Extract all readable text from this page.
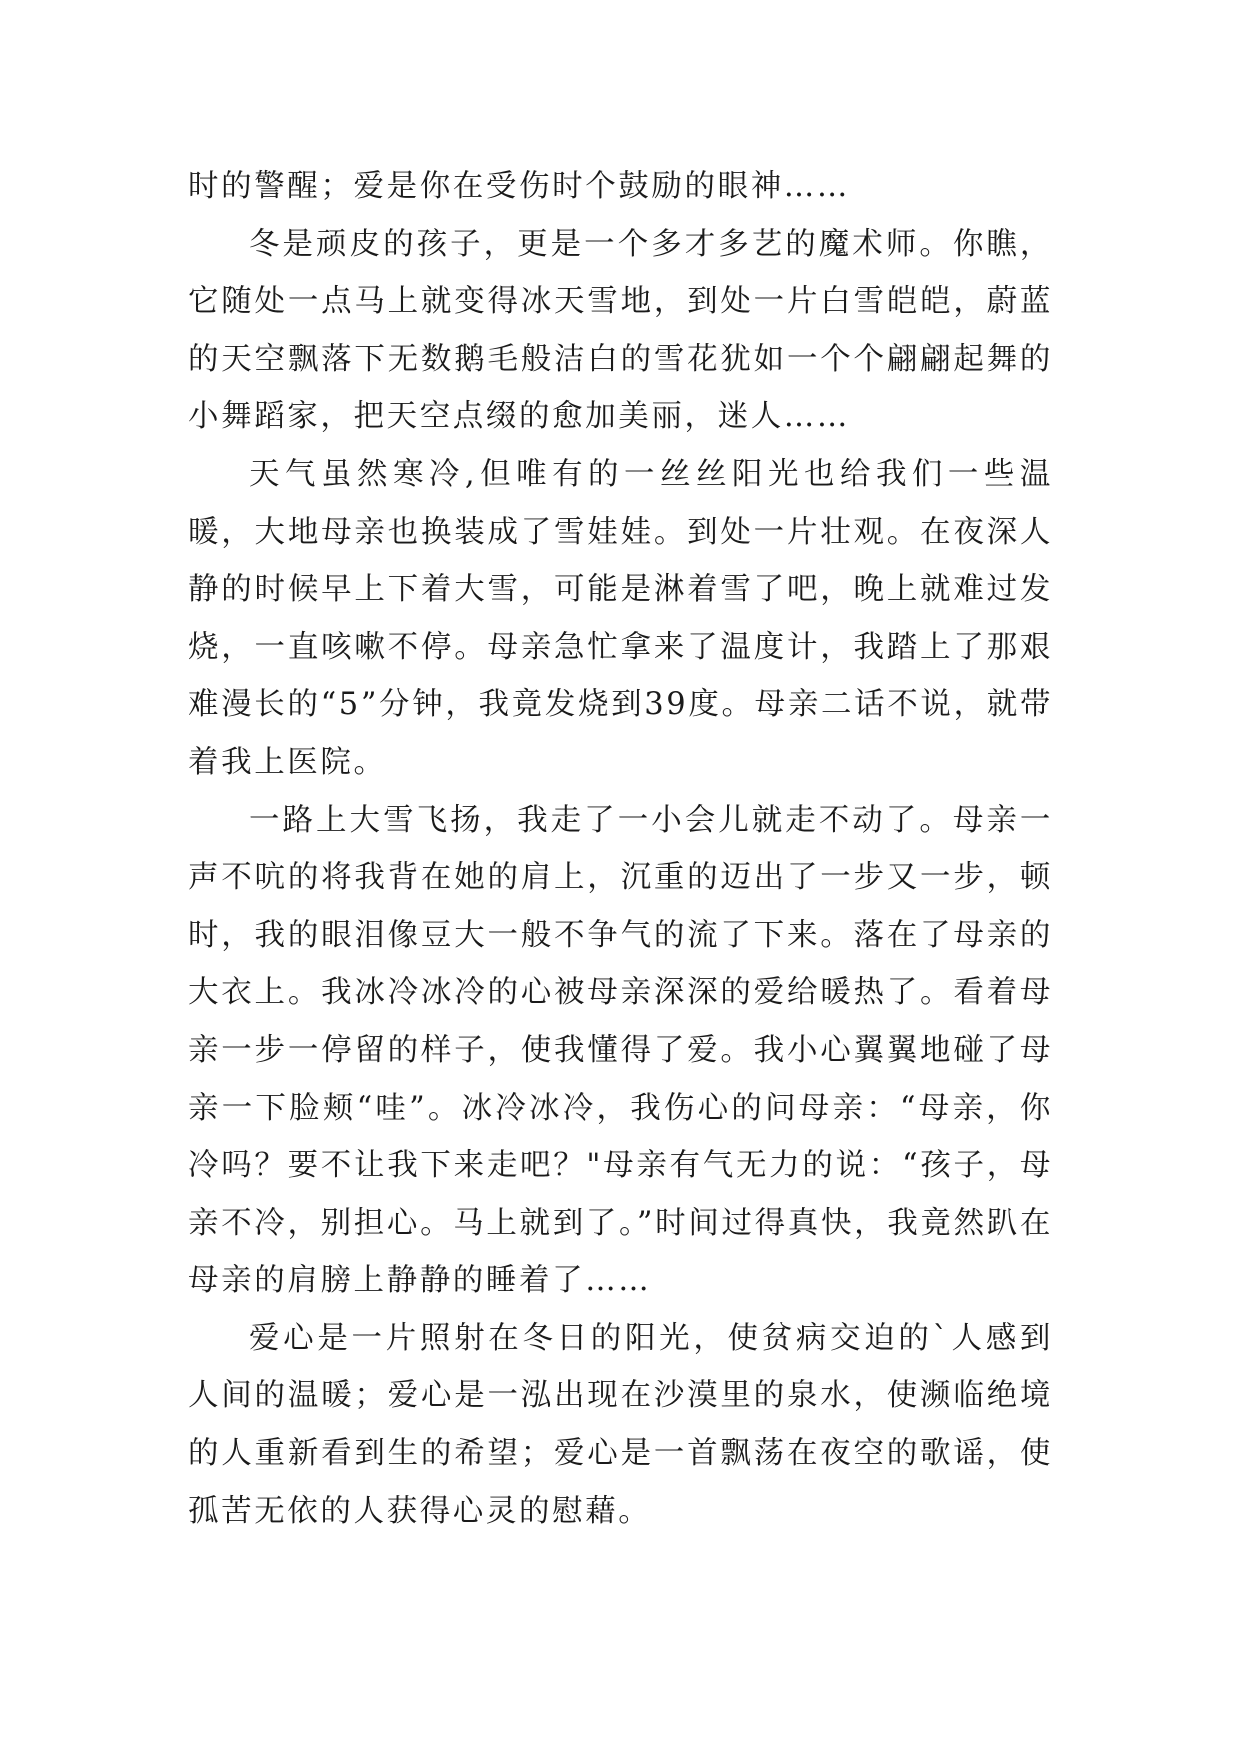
时的警醒；爱是你在受伤时个鼓励的眼神……

冬是顽皮的孩子，更是一个多才多艺的魔术师。你瞧，它随处一点马上就变得冰天雪地，到处一片白雪皑皑，蔚蓝的天空飘落下无数鹅毛般洁白的雪花犹如一个个翩翩起舞的小舞蹈家，把天空点缀的愈加美丽，迷人……

天气虽然寒冷,但唯有的一丝丝阳光也给我们一些温暖，大地母亲也换装成了雪娃娃。到处一片壮观。在夜深人静的时候早上下着大雪，可能是淋着雪了吧，晚上就难过发烧，一直咳嗽不停。母亲急忙拿来了温度计，我踏上了那艰难漫长的“5”分钟，我竟发烧到39度。母亲二话不说，就带着我上医院。

一路上大雪飞扬，我走了一小会儿就走不动了。母亲一声不吭的将我背在她的肩上，沉重的迈出了一步又一步，顿时，我的眼泪像豆大一般不争气的流了下来。落在了母亲的大衣上。我冰冷冰冷的心被母亲深深的爱给暖热了。看着母亲一步一停留的样子，使我懂得了爱。我小心翼翼地碰了母亲一下脸颊“哇”。冰冷冰冷，我伤心的问母亲：“母亲，你冷吗？要不让我下来走吧？"母亲有气无力的说：“孩子，母亲不冷，别担心。马上就到了。”时间过得真快，我竟然趴在母亲的肩膀上静静的睡着了……

爱心是一片照射在冬日的阳光，使贫病交迫的`人感到人间的温暖；爱心是一泓出现在沙漠里的泉水，使濒临绝境的人重新看到生的希望；爱心是一首飘荡在夜空的歌谣，使孤苦无依的人获得心灵的慰藉。
